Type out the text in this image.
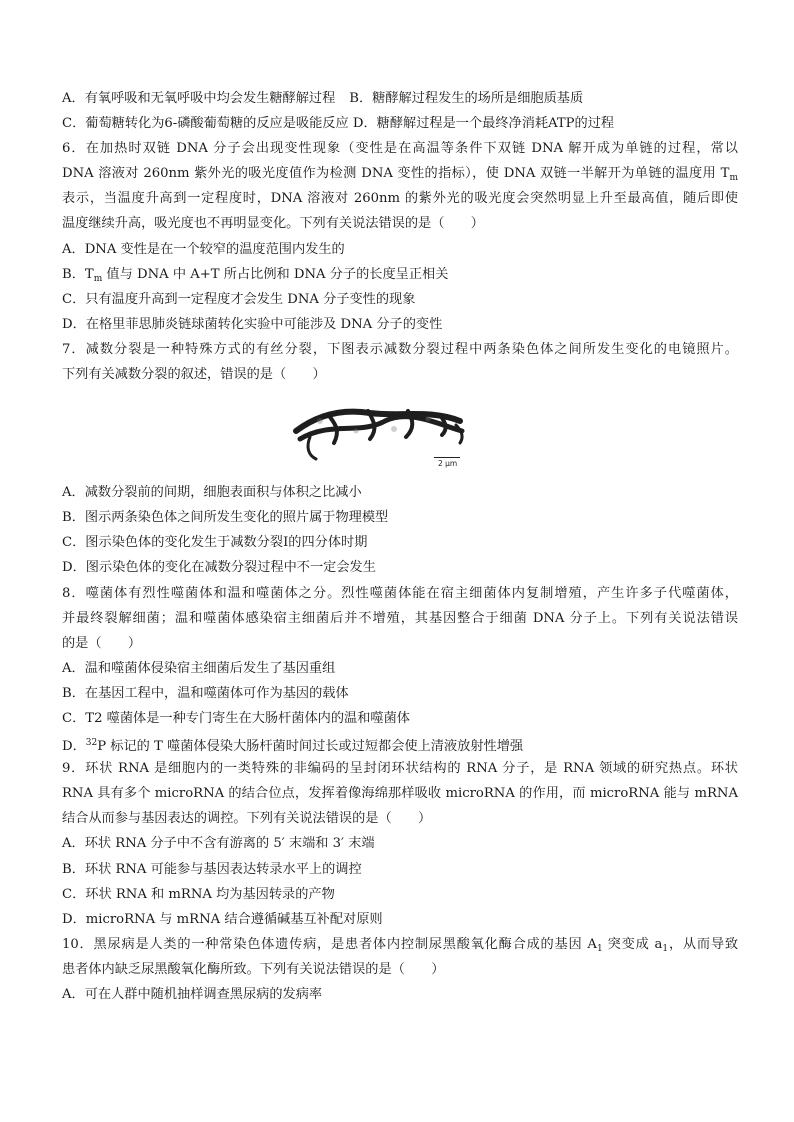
A．有氧呼吸和无氧呼吸中均会发生糖酵解过程 B．糖酵解过程发生的场所是细胞质基质
C．葡萄糖转化为6-磷酸葡萄糖的反应是吸能反应 D．糖酵解过程是一个最终净消耗ATP的过程
6．在加热时双链 DNA 分子会出现变性现象（变性是在高温等条件下双链 DNA 解开成为单链的过程，常以
DNA 溶液对 260nm 紫外光的吸光度值作为检测 DNA 变性的指标），使 DNA 双链一半解开为单链的温度用 $T_m$
表示，当温度升高到一定程度时，DNA 溶液对 260nm 的紫外光的吸光度会突然明显上升至最高值，随后即使
温度继续升高，吸光度也不再明显变化。下列有关说法错误的是（　　）
A．DNA 变性是在一个较窄的温度范围内发生的
B．$T_m$ 值与 DNA 中 A+T 所占比例和 DNA 分子的长度呈正相关
C．只有温度升高到一定程度才会发生 DNA 分子变性的现象
D．在格里菲思肺炎链球菌转化实验中可能涉及 DNA 分子的变性
7．减数分裂是一种特殊方式的有丝分裂，下图表示减数分裂过程中两条染色体之间所发生变化的电镜照片。
下列有关减数分裂的叙述，错误的是（　　）
2 μm
A．减数分裂前的间期，细胞表面积与体积之比减小
B．图示两条染色体之间所发生变化的照片属于物理模型
C．图示染色体的变化发生于减数分裂Ⅰ的四分体时期
D．图示染色体的变化在减数分裂过程中不一定会发生
8．噬菌体有烈性噬菌体和温和噬菌体之分。烈性噬菌体能在宿主细菌体内复制增殖，产生许多子代噬菌体，
并最终裂解细菌；温和噬菌体感染宿主细菌后并不增殖，其基因整合于细菌 DNA 分子上。下列有关说法错误
的是（　　）
A．温和噬菌体侵染宿主细菌后发生了基因重组
B．在基因工程中，温和噬菌体可作为基因的载体
C．T2 噬菌体是一种专门寄生在大肠杆菌体内的温和噬菌体
D．$^{32}$P 标记的 T 噬菌体侵染大肠杆菌时间过长或过短都会使上清液放射性增强
9．环状 RNA 是细胞内的一类特殊的非编码的呈封闭环状结构的 RNA 分子，是 RNA 领域的研究热点。环状
RNA 具有多个 microRNA 的结合位点，发挥着像海绵那样吸收 microRNA 的作用，而 microRNA 能与 mRNA
结合从而参与基因表达的调控。下列有关说法错误的是（　　）
A．环状 RNA 分子中不含有游离的 5′ 末端和 3′ 末端
B．环状 RNA 可能参与基因表达转录水平上的调控
C．环状 RNA 和 mRNA 均为基因转录的产物
D．microRNA 与 mRNA 结合遵循碱基互补配对原则
10．黑尿病是人类的一种常染色体遗传病，是患者体内控制尿黑酸氧化酶合成的基因 $A_1$ 突变成 $a_1$，从而导致
患者体内缺乏尿黑酸氧化酶所致。下列有关说法错误的是（　　）
A．可在人群中随机抽样调查黑尿病的发病率
